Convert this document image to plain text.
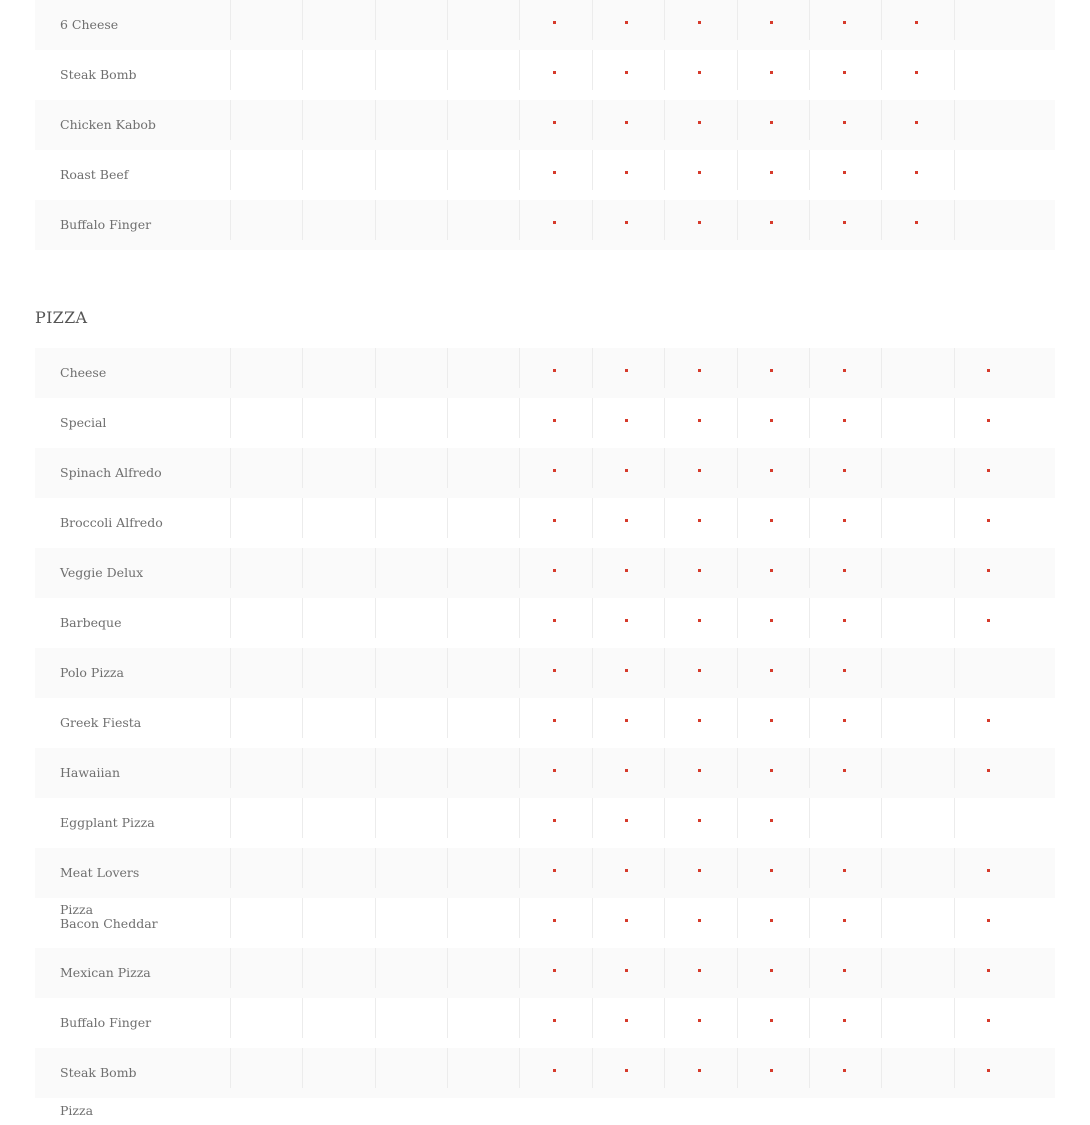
6 Cheese
Steak Bomb
Chicken Kabob
Roast Beef
Buffalo Finger
PIZZA
Cheese
Special
Spinach Alfredo
Broccoli Alfredo
Veggie Delux
Barbeque
Polo Pizza
Greek Fiesta
Hawaiian
Eggplant Pizza
Meat Lovers
Pizza
Bacon Cheddar
Mexican Pizza
Buffalo Finger
Steak Bomb
Pizza
